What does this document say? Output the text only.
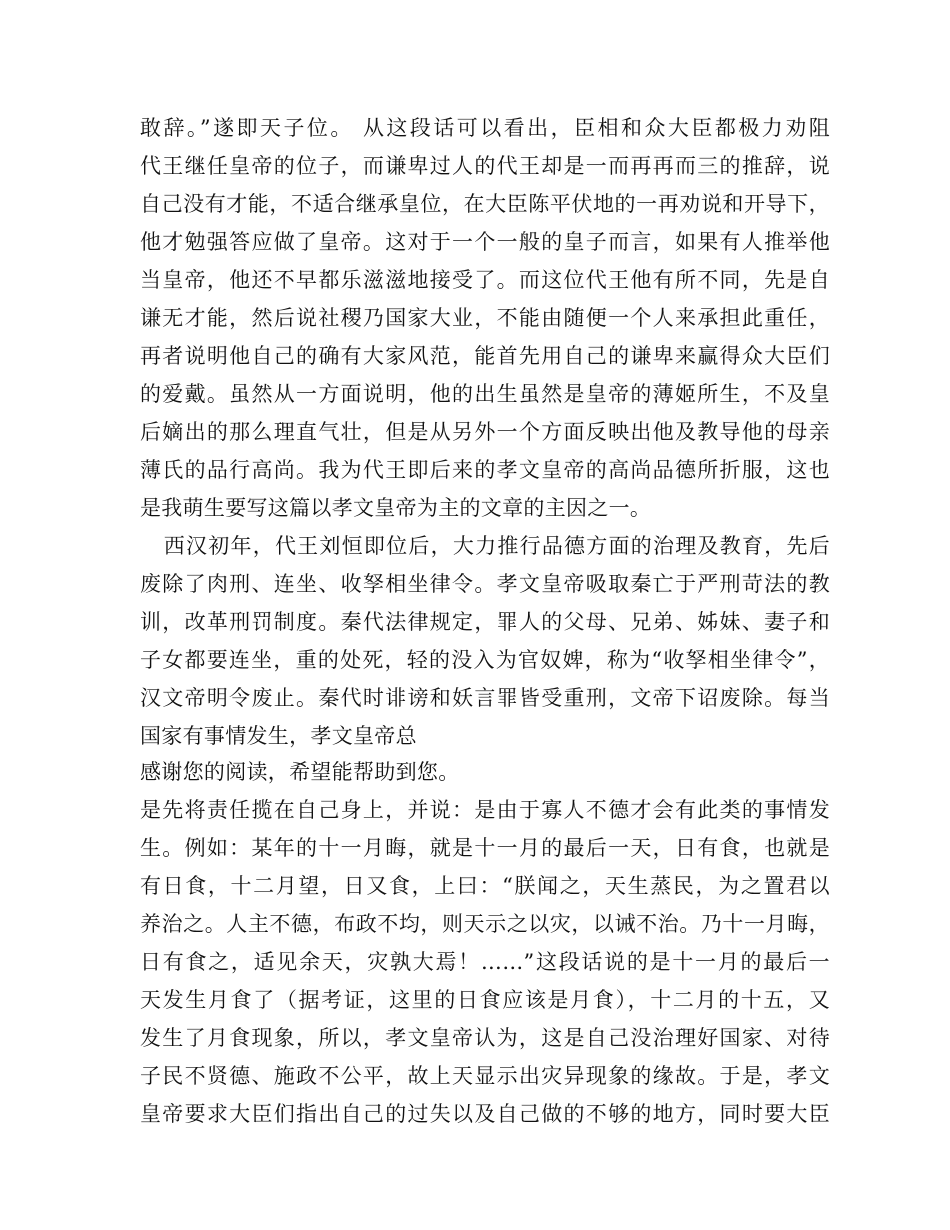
敢辞。”遂即天子位。 从这段话可以看出，臣相和众大臣都极力劝阻
代王继任皇帝的位子，而谦卑过人的代王却是一而再再而三的推辞，说
自己没有才能，不适合继承皇位，在大臣陈平伏地的一再劝说和开导下，
他才勉强答应做了皇帝。这对于一个一般的皇子而言，如果有人推举他
当皇帝，他还不早都乐滋滋地接受了。而这位代王他有所不同，先是自
谦无才能，然后说社稷乃国家大业，不能由随便一个人来承担此重任，
再者说明他自己的确有大家风范，能首先用自己的谦卑来赢得众大臣们
的爱戴。虽然从一方面说明，他的出生虽然是皇帝的薄姬所生，不及皇
后嫡出的那么理直气壮，但是从另外一个方面反映出他及教导他的母亲
薄氏的品行高尚。我为代王即后来的孝文皇帝的高尚品德所折服，这也
是我萌生要写这篇以孝文皇帝为主的文章的主因之一。
西汉初年，代王刘恒即位后，大力推行品德方面的治理及教育，先后
废除了肉刑、连坐、收孥相坐律令。孝文皇帝吸取秦亡于严刑苛法的教
训，改革刑罚制度。秦代法律规定，罪人的父母、兄弟、姊妹、妻子和
子女都要连坐，重的处死，轻的没入为官奴婢，称为“收孥相坐律令”，
汉文帝明令废止。秦代时诽谤和妖言罪皆受重刑，文帝下诏废除。每当
国家有事情发生，孝文皇帝总
感谢您的阅读，希望能帮助到您。
是先将责任揽在自己身上，并说：是由于寡人不德才会有此类的事情发
生。例如：某年的十一月晦，就是十一月的最后一天，日有食，也就是
有日食，十二月望，日又食，上曰：“朕闻之，天生蒸民，为之置君以
养治之。人主不德，布政不均，则天示之以灾，以诫不治。乃十一月晦，
日有食之，适见余天，灾孰大焉！……”这段话说的是十一月的最后一
天发生月食了（据考证，这里的日食应该是月食），十二月的十五，又
发生了月食现象，所以，孝文皇帝认为，这是自己没治理好国家、对待
子民不贤德、施政不公平，故上天显示出灾异现象的缘故。于是，孝文
皇帝要求大臣们指出自己的过失以及自己做的不够的地方，同时要大臣
